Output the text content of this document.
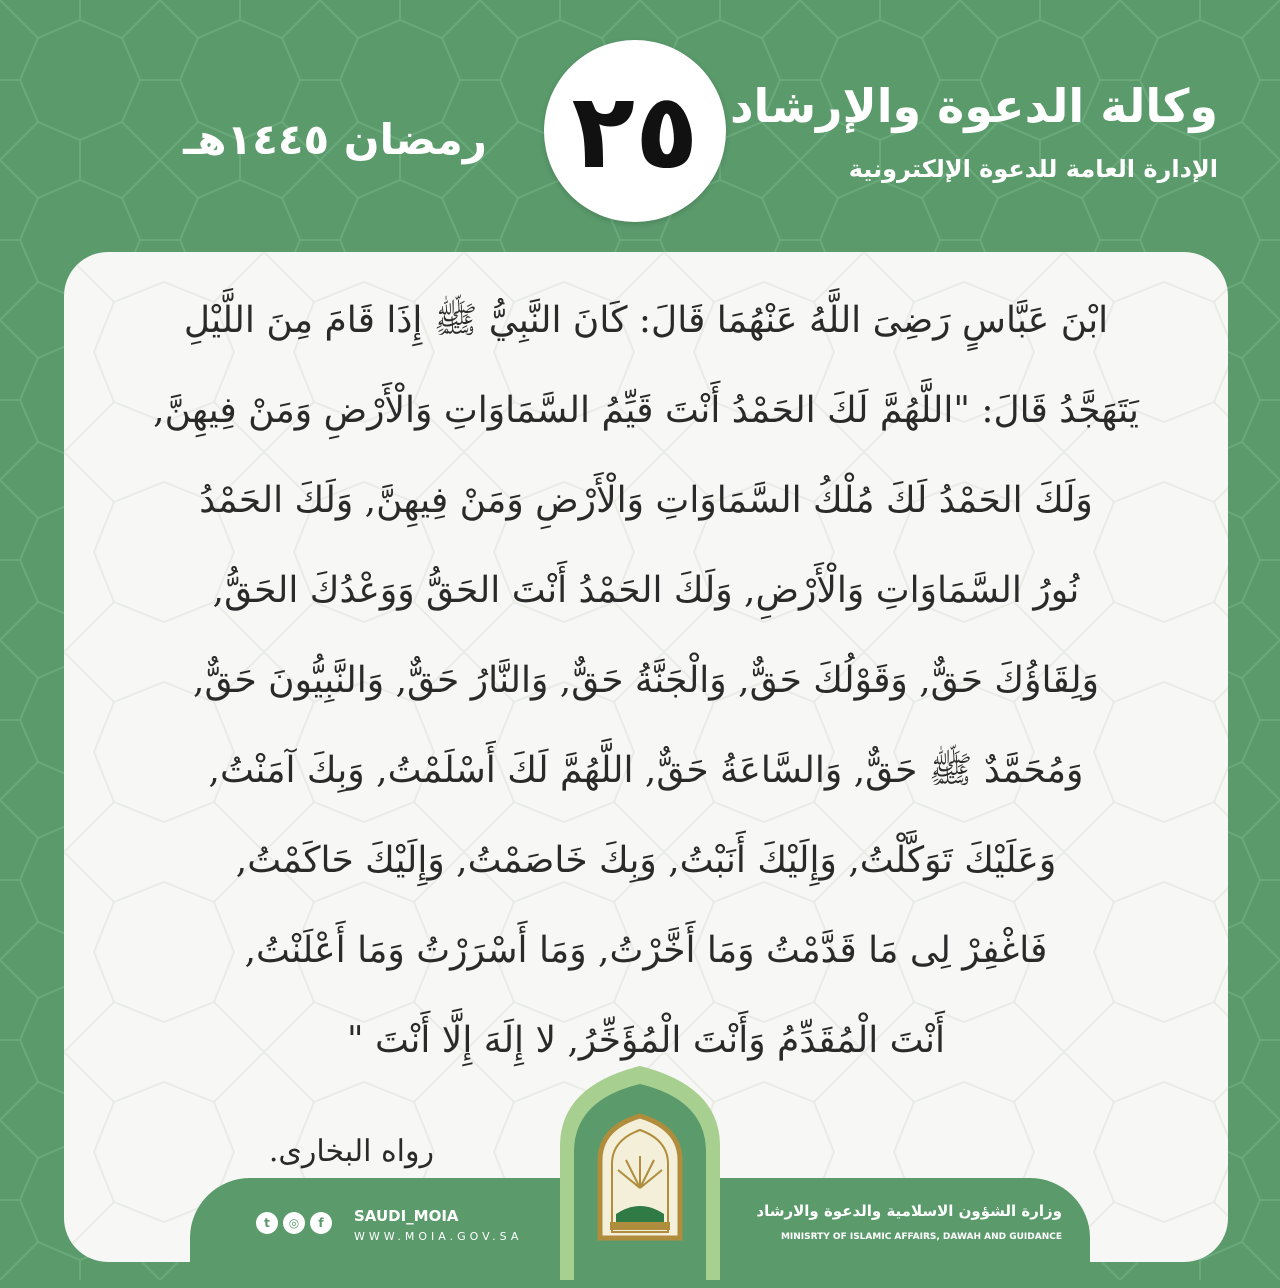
وكالة الدعوة والإرشاد
الإدارة العامة للدعوة الإلكترونية
٢٥
رمضان ١٤٤٥هـ
ابْنَ عَبَّاسٍ رَضِىَ اللَّهُ عَنْهُمَا قَالَ: كَانَ النَّبِيُّ ﷺ إِذَا قَامَ مِنَ اللَّيْلِ
يَتَهَجَّدُ قَالَ: "اللَّهُمَّ لَكَ الحَمْدُ أَنْتَ قَيِّمُ السَّمَاوَاتِ وَالْأَرْضِ وَمَنْ فِيهِنَّ,
وَلَكَ الحَمْدُ لَكَ مُلْكُ السَّمَاوَاتِ وَالْأَرْضِ وَمَنْ فِيهِنَّ, وَلَكَ الحَمْدُ
نُورُ السَّمَاوَاتِ وَالْأَرْضِ, وَلَكَ الحَمْدُ أَنْتَ الحَقُّ وَوَعْدُكَ الحَقُّ,
وَلِقَاؤُكَ حَقٌّ, وَقَوْلُكَ حَقٌّ, وَالْجَنَّةُ حَقٌّ, وَالنَّارُ حَقٌّ, وَالنَّبِيُّونَ حَقٌّ,
وَمُحَمَّدٌ ﷺ حَقٌّ, وَالسَّاعَةُ حَقٌّ, اللَّهُمَّ لَكَ أَسْلَمْتُ, وَبِكَ آمَنْتُ,
وَعَلَيْكَ تَوَكَّلْتُ, وَإِلَيْكَ أَنَبْتُ, وَبِكَ خَاصَمْتُ, وَإِلَيْكَ حَاكَمْتُ,
فَاغْفِرْ لِى مَا قَدَّمْتُ وَمَا أَخَّرْتُ, وَمَا أَسْرَرْتُ وَمَا أَعْلَنْتُ,
أَنْتَ الْمُقَدِّمُ وَأَنْتَ الْمُؤَخِّرُ, لا إِلَهَ إِلَّا أَنْتَ "
رواه البخارى.
وزارة الشؤون الاسلامية والدعوة والارشاد
MINISRTY OF ISLAMIC AFFAIRS, DAWAH AND GUIDANCE
t	◎	f	SAUDI_MOIA
WWW.MOIA.GOV.SA
